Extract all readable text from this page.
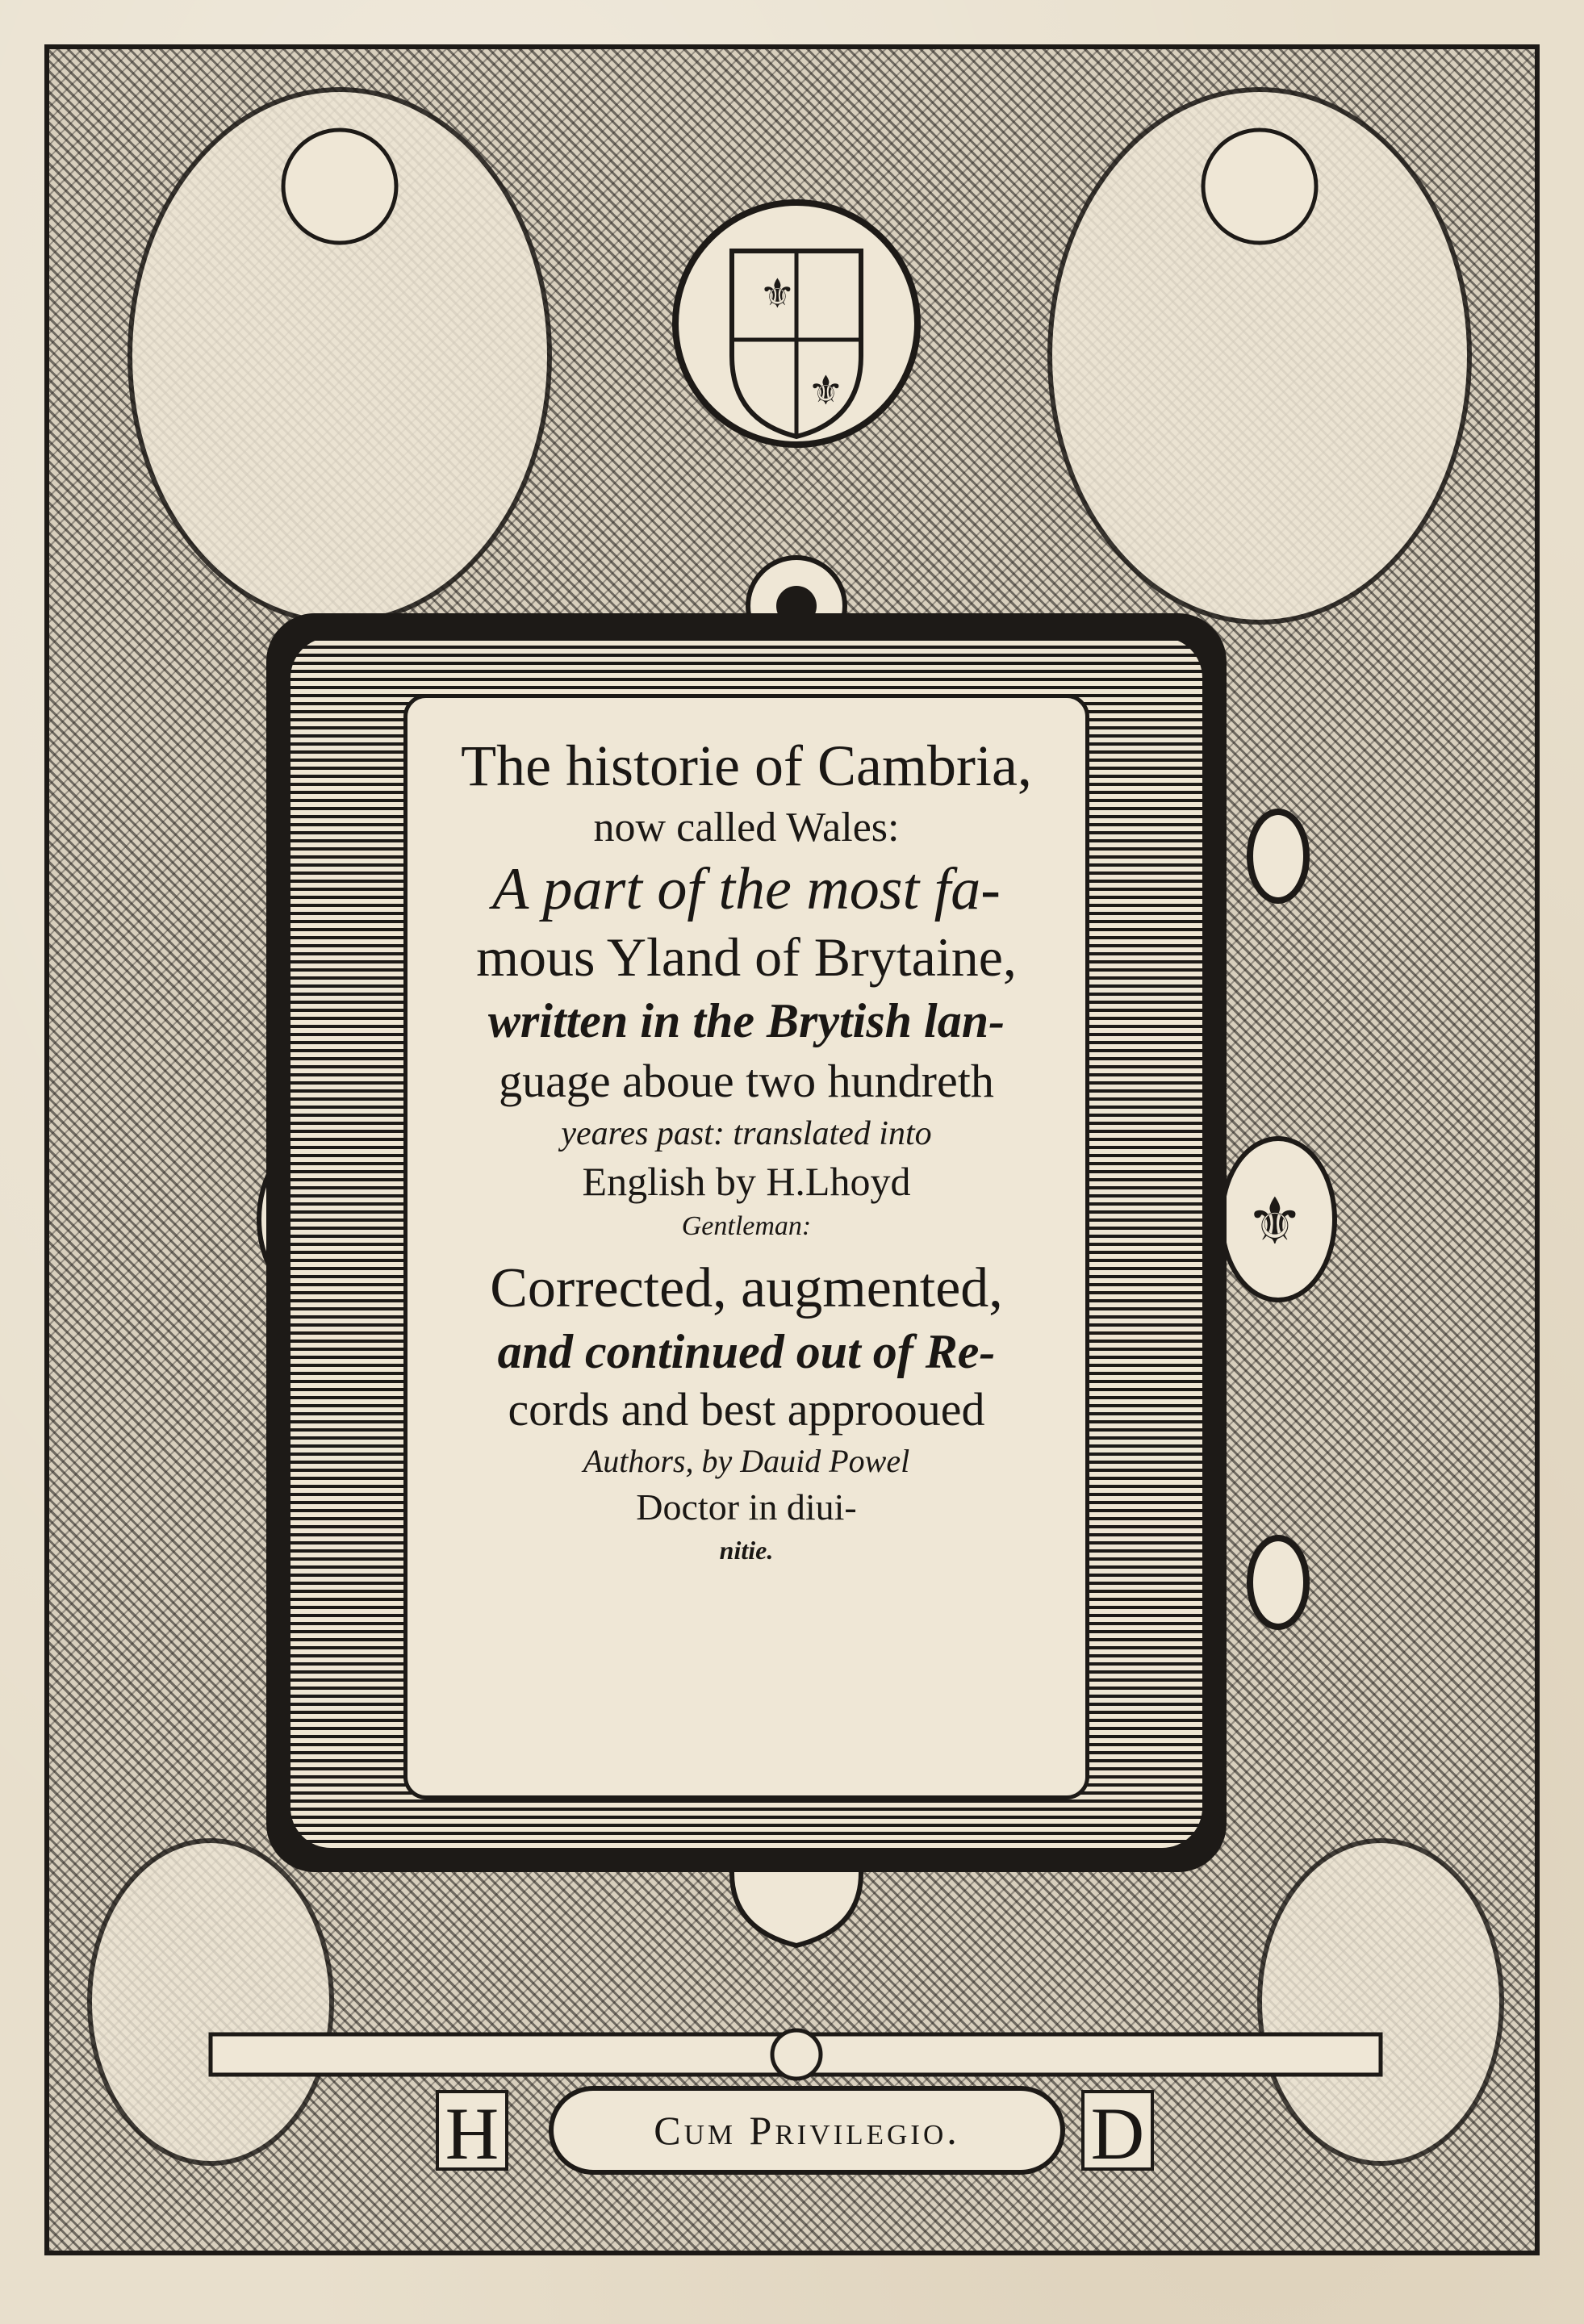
⚜
⚜
⚜
The historie of Cambria,
now called Wales:
A part of the most fa-
mous Yland of Brytaine,
written in the Brytish lan-
guage aboue two hundreth
yeares past: translated into
English by H.Lhoyd
Gentleman:
Corrected, augmented,
and continued out of Re-
cords and best approoued
Authors, by Dauid Powel
Doctor in diui-
nitie.
H	Cum Privilegio.	D
